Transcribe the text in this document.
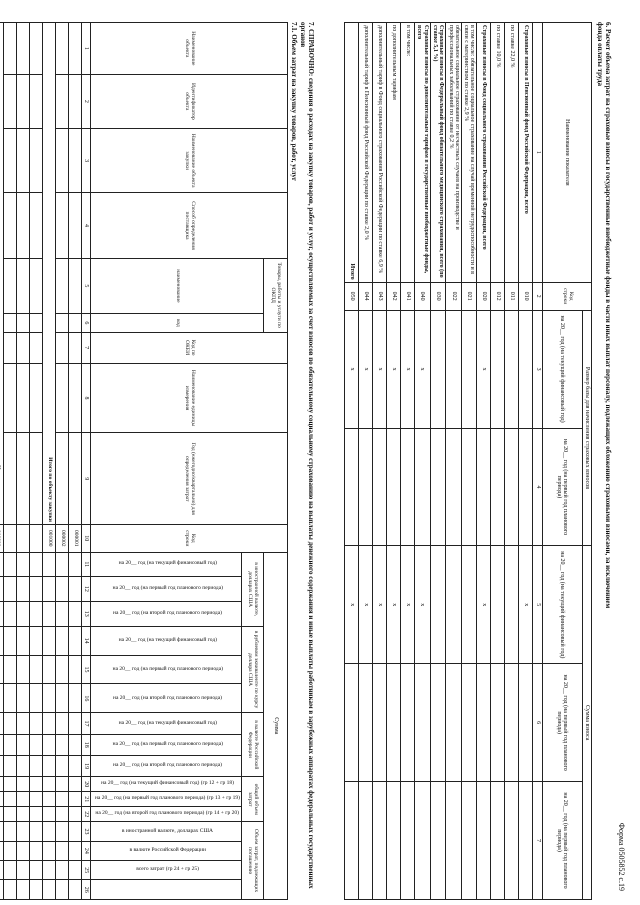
Форма 0505852 с.19
6. Расчет объема затрат на страховые взносы в государственные внебюджетные фонды в части иных выплат персоналу, подлежащих обложению страховыми взносами, за исключением фонда оплаты труда
Наименование показателя	Код строки	Размер базы для начисления страховых взносов		Сумма взноса		
		на 20__ год (на текущий финансовый год)	на 20__ год (на первый год планового периода)	на 20__ год (на текущий финансовый год)	на 20__ год (на первый год планового периода)	на 20__ год (на первый год планового периода)
1	2	3	4	5	6	7
Страховые взносы в Пенсионный фонд Российской Федерации, всего	010			x		
по ставке 22,0 %	011					
по ставке 10,0 %	012					
Страховые взносы в Фонд социального страхования Российской Федерации, всего	020	x		x		
в том числе: обязательное социальное страхование на случай временной нетрудоспособности и в связи с материнством по ставке 2,9 %	021					
обязательное социальное страхование от несчастных случаев на производстве и профессиональных заболеваний по ставке 0,2 %	022					
Страховые взносы в Федеральный фонд обязательного медицинского страхования, всего (по ставке 5,1 %)	030					
Страховые взносы по дополнительным тарифам в государственные внебюджетные фонды, всего	040	x		x		
в том числе:	041	x		x		
по дополнительным тарифам	042	x		x		
дополнительный тариф в Фонд социального страхования Российской Федерации по ставке 6,9 %	043	x		x		
дополнительный тариф в Пенсионный фонд Российской Федерации по ставке 2,0 %	044	x		x		
Итого	050	x		x		
7. СПРАВОЧНО: сведения о расходах на закупку товаров, работ и услуг, осуществляемых за счет взносов по обязательному социальному страхованию на выплаты денежного содержания и иные выплаты работникам в зарубежных аппаратах федеральных государственных органов
7.1. Объем затрат на закупку товаров, работ, услуг
Наименование объекта	Идентификатор объекта	Наименование объекта закупки	Способ определения поставщика	Товары, работы и услуги по ОКПД		Код по ОКЕИ	Наименование единицы измерения	Год (ежегодно/квартально) для определения затрат	Код строки	Сумма															
				наименование	код					в иностранной валюте, долларах США			в рублевом эквиваленте по курсу доллара США			в валюте Российской Федерации			общий объем затрат			Объем затрат, подлежащих погашению			
										на 20__ год (на текущий финансовый год)	на 20__ год (на первый год планового периода)	на 20__ год (на второй год планового периода)	на 20__ год (на текущий финансовый год)	на 20__ год (на первый год планового периода)	на 20__ год (на второй год планового периода)	на 20__ год (на текущий финансовый год)	на 20__ год (на первый год планового периода)	на 20__ год (на второй год планового периода)	на 20__ год (на текущий финансовый год) (гр 12 + гр 18)	на 20__ год (на первый год планового периода) (гр 13 + гр 19)	на 20__ год (на второй год планового периода) (гр 14 + гр 20)	в иностранной валюте, долларах США	в валюте Российской Федерации	всего затрат (гр 24 + гр 25)	
1	2	3	4	5	6	7	8	9	10	11	12	13	14	15	16	17	18	19	20	21	22	23	24	25	26
									000001																
									000002																
Итого по объекту закупки									001000																
